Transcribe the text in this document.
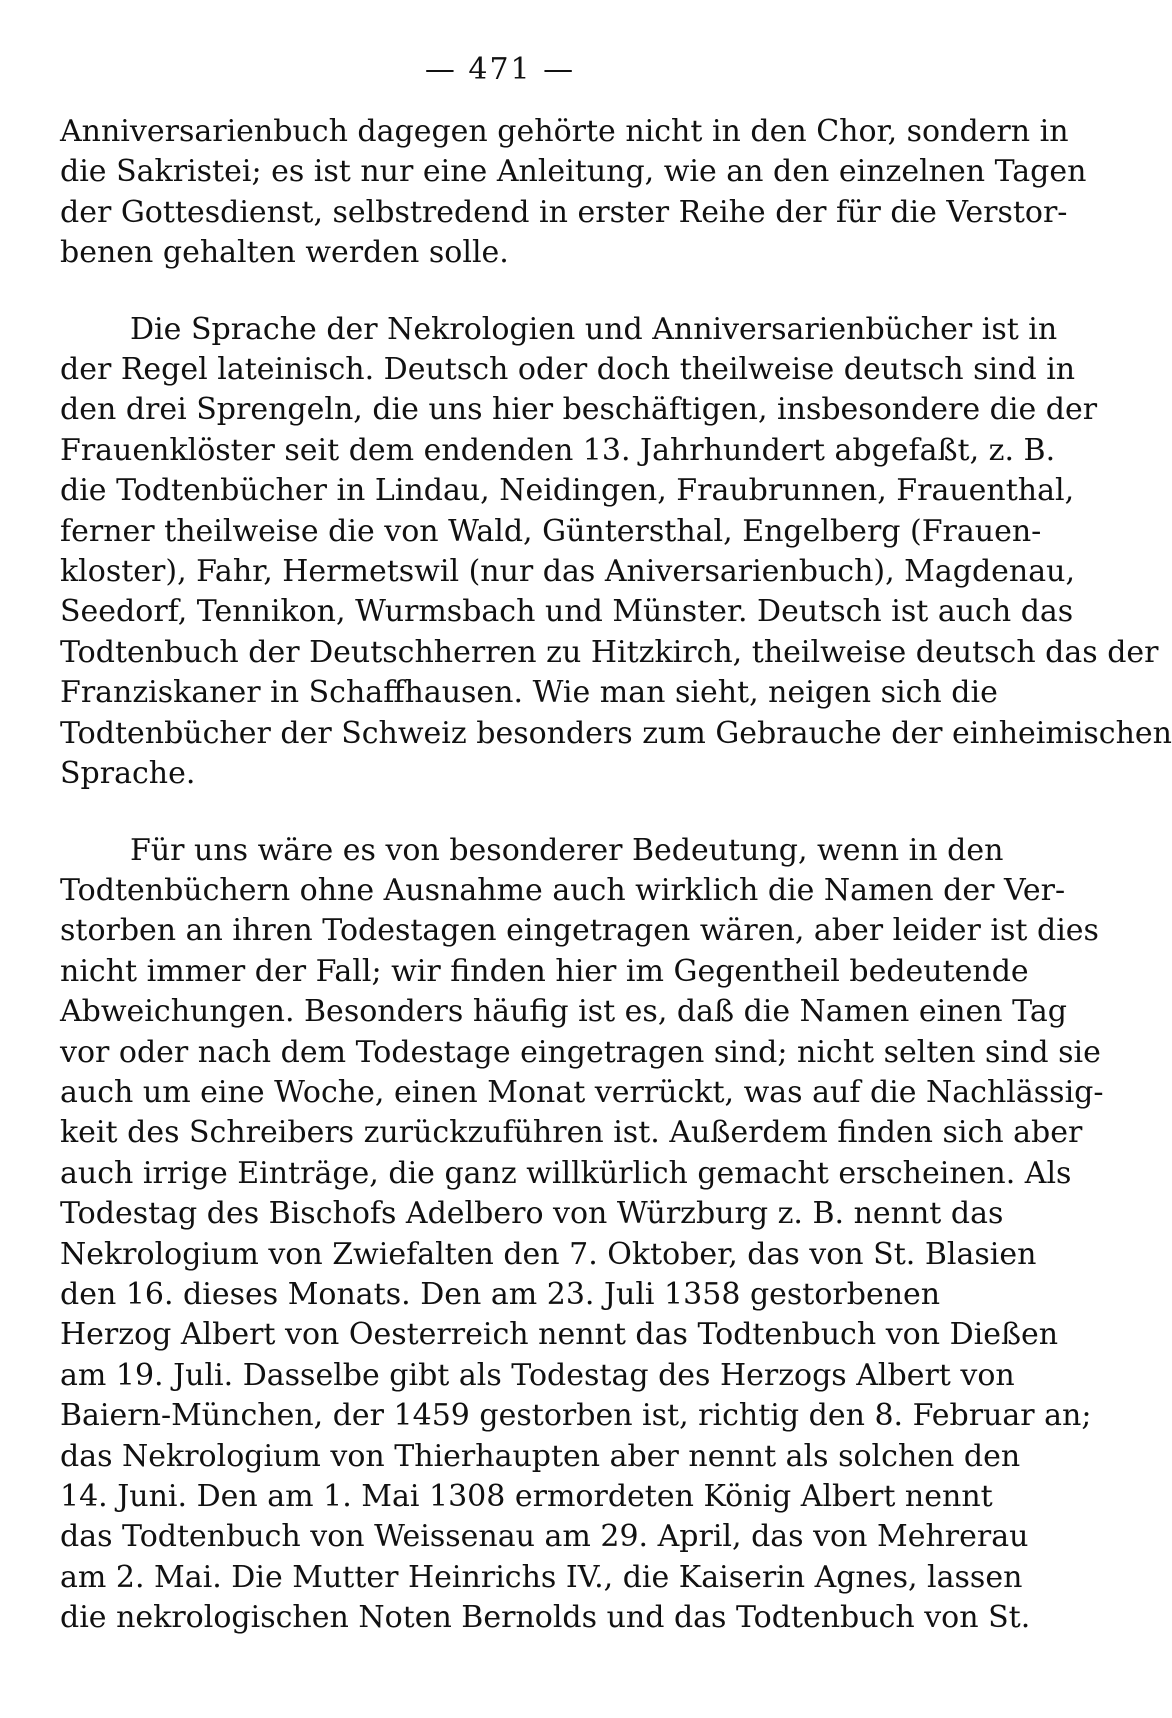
— 471 —
Anniversarienbuch dagegen gehörte nicht in den Chor, sondern in
die Sakristei; es ist nur eine Anleitung, wie an den einzelnen Tagen
der Gottesdienst, selbstredend in erster Reihe der für die Verstor-
benen gehalten werden solle.
Die Sprache der Nekrologien und Anniversarienbücher ist in
der Regel lateinisch. Deutsch oder doch theilweise deutsch sind in
den drei Sprengeln, die uns hier beschäftigen, insbesondere die der
Frauenklöster seit dem endenden 13. Jahrhundert abgefaßt, z. B.
die Todtenbücher in Lindau, Neidingen, Fraubrunnen, Frauenthal,
ferner theilweise die von Wald, Güntersthal, Engelberg (Frauen-
kloster), Fahr, Hermetswil (nur das Aniversarienbuch), Magdenau,
Seedorf, Tennikon, Wurmsbach und Münster. Deutsch ist auch das
Todtenbuch der Deutschherren zu Hitzkirch, theilweise deutsch das der
Franziskaner in Schaffhausen. Wie man sieht, neigen sich die
Todtenbücher der Schweiz besonders zum Gebrauche der einheimischen
Sprache.
Für uns wäre es von besonderer Bedeutung, wenn in den
Todtenbüchern ohne Ausnahme auch wirklich die Namen der Ver-
storben an ihren Todestagen eingetragen wären, aber leider ist dies
nicht immer der Fall; wir finden hier im Gegentheil bedeutende
Abweichungen. Besonders häufig ist es, daß die Namen einen Tag
vor oder nach dem Todestage eingetragen sind; nicht selten sind sie
auch um eine Woche, einen Monat verrückt, was auf die Nachlässig-
keit des Schreibers zurückzuführen ist. Außerdem finden sich aber
auch irrige Einträge, die ganz willkürlich gemacht erscheinen. Als
Todestag des Bischofs Adelbero von Würzburg z. B. nennt das
Nekrologium von Zwiefalten den 7. Oktober, das von St. Blasien
den 16. dieses Monats. Den am 23. Juli 1358 gestorbenen
Herzog Albert von Oesterreich nennt das Todtenbuch von Dießen
am 19. Juli. Dasselbe gibt als Todestag des Herzogs Albert von
Baiern-München, der 1459 gestorben ist, richtig den 8. Februar an;
das Nekrologium von Thierhaupten aber nennt als solchen den
14. Juni. Den am 1. Mai 1308 ermordeten König Albert nennt
das Todtenbuch von Weissenau am 29. April, das von Mehrerau
am 2. Mai. Die Mutter Heinrichs IV., die Kaiserin Agnes, lassen
die nekrologischen Noten Bernolds und das Todtenbuch von St.
